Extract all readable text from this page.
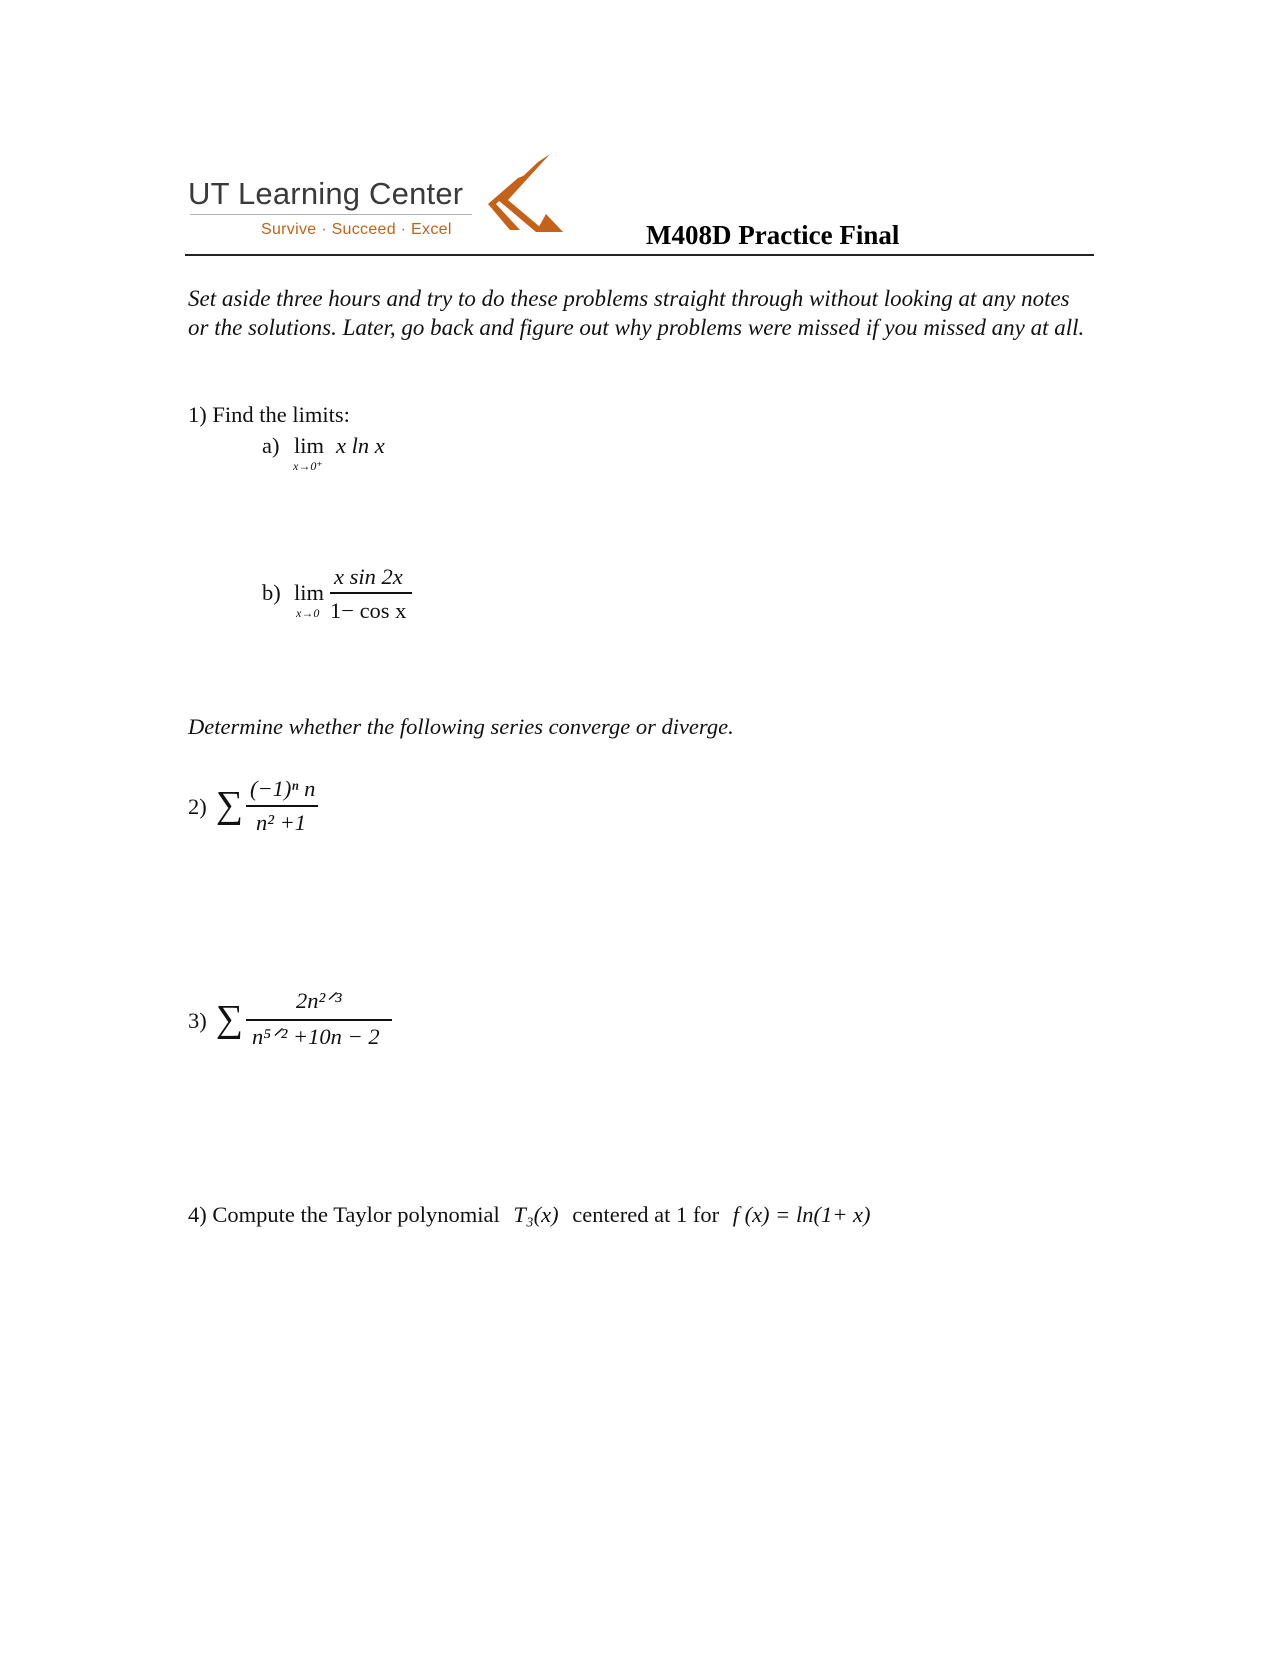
UT Learning Center
Survive · Succeed · Excel	M408D Practice Final
Set aside three hours and try to do these problems straight through without looking at any notes or the solutions. Later, go back and figure out why problems were missed if you missed any at all.
1) Find the limits:
a) lim
x→0⁺
x ln x
b) lim
x→0
x sin 2x
1− cos x
Determine whether the following series converge or diverge.
2) ∑ (−1)ⁿ n
n² +1
3) ∑ 2n²ᐟ³
n⁵ᐟ² +10n − 2
4) Compute the Taylor polynomial T₃(x) centered at 1 for f (x) = ln(1+ x)
